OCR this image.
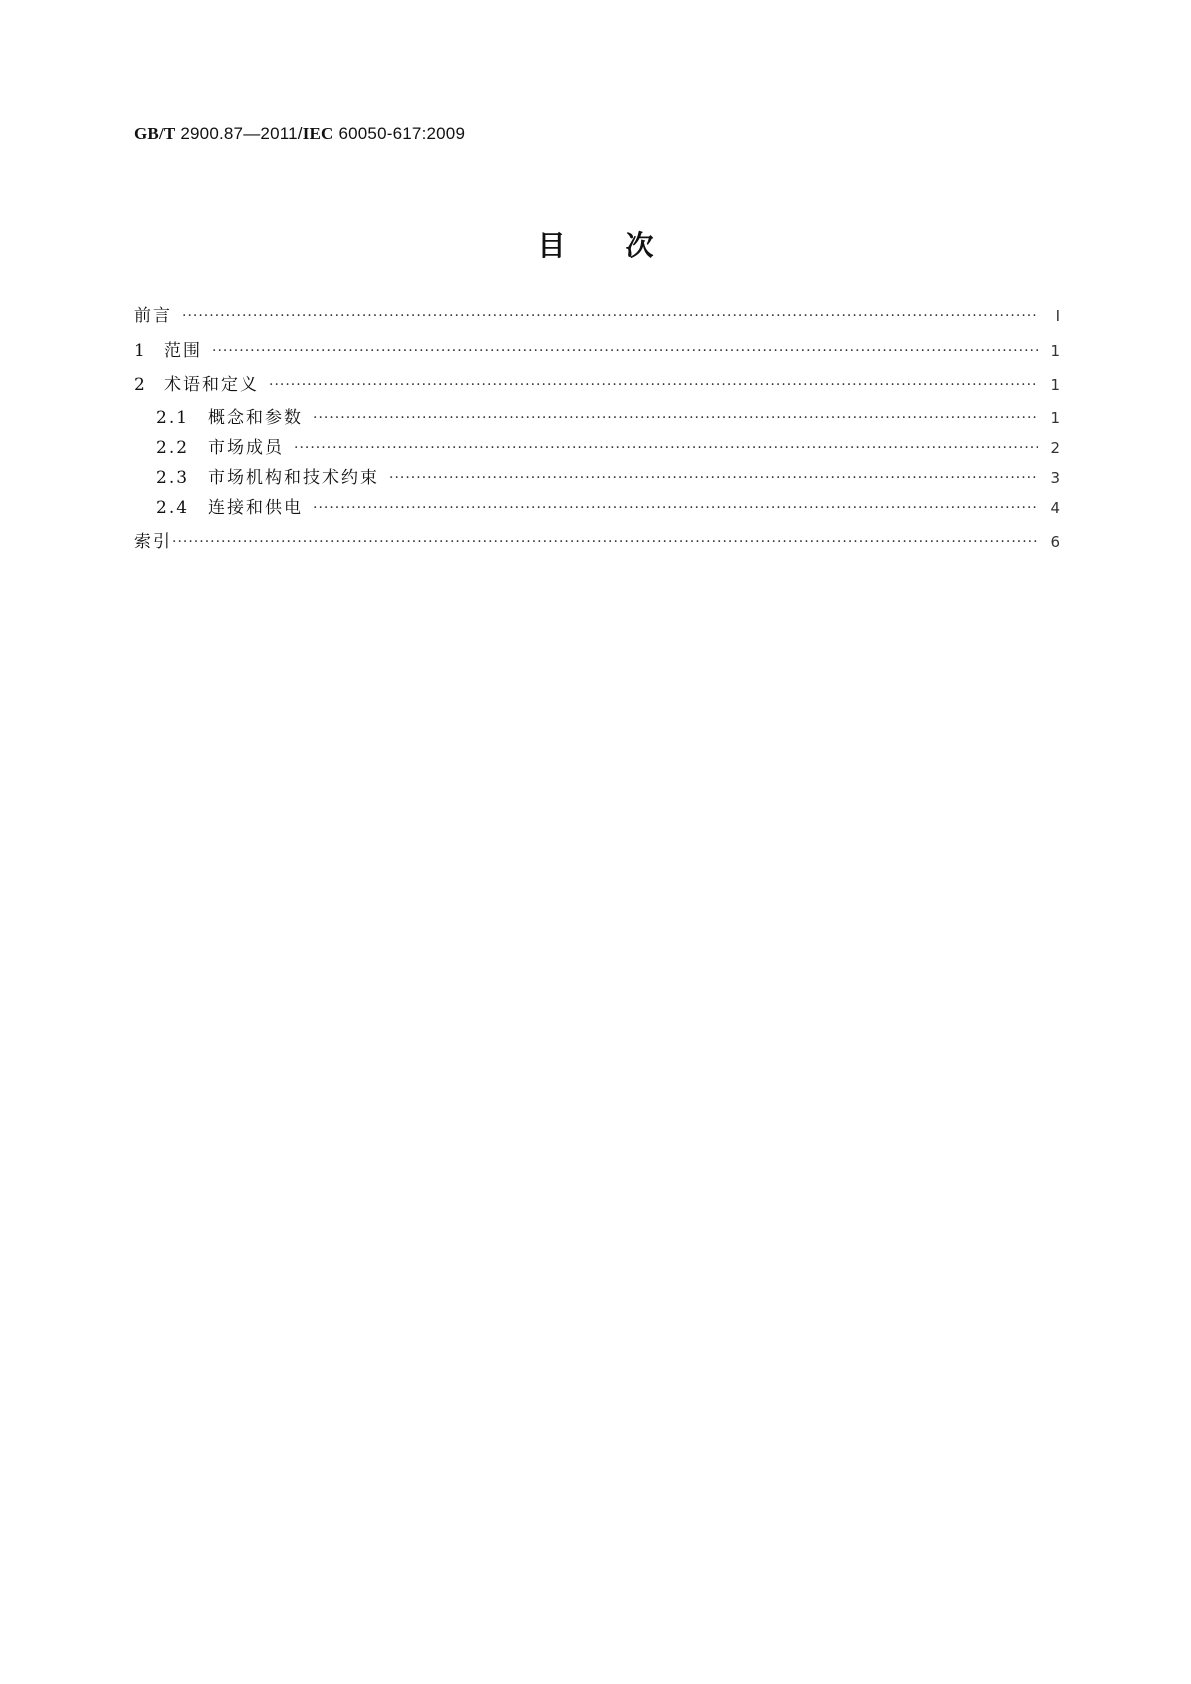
GB/T 2900.87—2011/IEC 60050-617:2009
目次
前言 ·····	Ⅰ
1	范围 ·····	1
2	术语和定义 ·····	1
2.1	概念和参数 ·····	1
2.2	市场成员 ·····	2
2.3	市场机构和技术约束 ·····	3
2.4	连接和供电 ·····	4
索引 ·····	6
